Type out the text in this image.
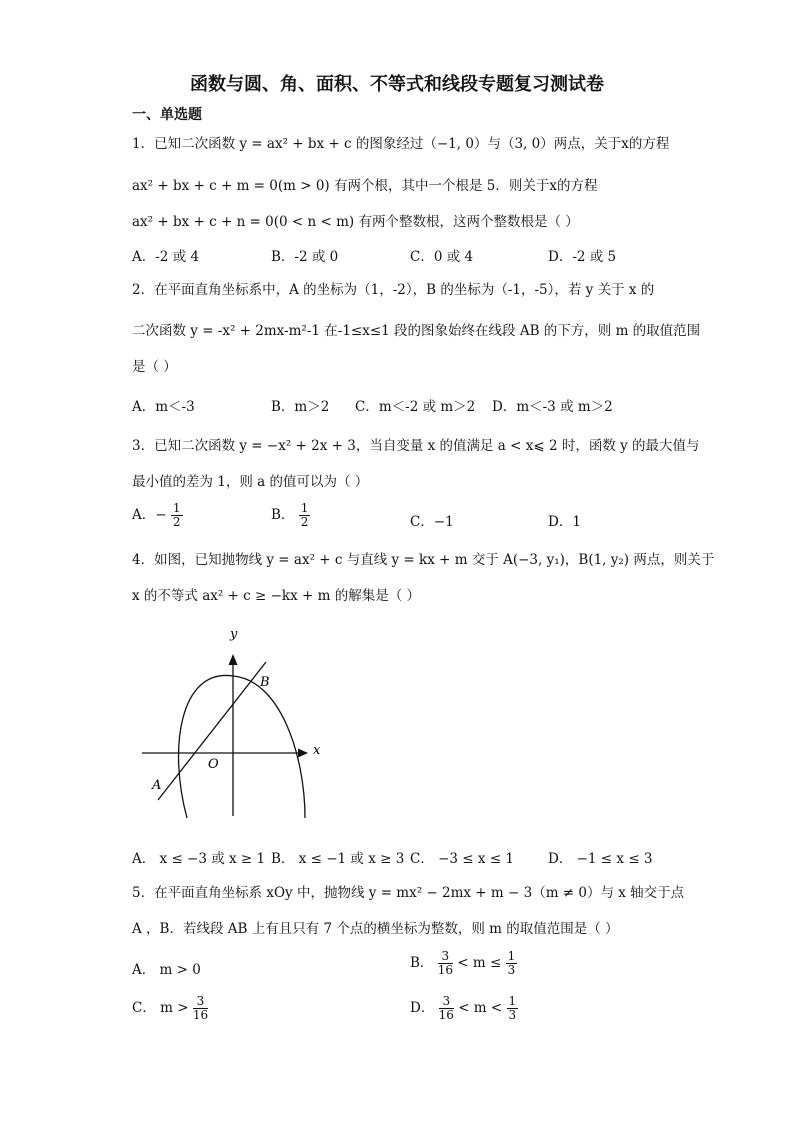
函数与圆、角、面积、不等式和线段专题复习测试卷
一、单选题
1．已知二次函数 y = ax² + bx + c 的图象经过（−1, 0）与（3, 0）两点，关于x的方程
ax² + bx + c + m = 0(m > 0) 有两个根，其中一个根是 5．则关于x的方程
ax² + bx + c + n = 0(0 < n < m) 有两个整数根，这两个整数根是（ ）
A．-2 或 4	B．-2 或 0	C．0 或 4	D．-2 或 5
2．在平面直角坐标系中，A 的坐标为（1，-2），B 的坐标为（-1，-5），若 y 关于 x 的
二次函数 y = -x² + 2mx-m²-1 在-1≤x≤1 段的图象始终在线段 AB 的下方，则 m 的取值范围
是（ ）
A．m＜-3	B．m＞2 C．m＜-2 或 m＞2 D．m＜-3 或 m＞2
3．已知二次函数 y = −x² + 2x + 3，当自变量 x 的值满足 a < x⩽ 2 时，函数 y 的最大值与
最小值的差为 1，则 a 的值可以为（ ）
A．− $\frac{1}{2}$	B． $\frac{1}{2}$	C．−1	D．1
4．如图，已知抛物线 y = ax² + c 与直线 y = kx + m 交于 A(−3, y₁)，B(1, y₂) 两点，则关于
x 的不等式 ax² + c ≥ −kx + m 的解集是（ ）
y
x
O
A
B
A． x ≤ −3 或 x ≥ 1 B． x ≤ −1 或 x ≥ 3 C． −3 ≤ x ≤ 1	D． −1 ≤ x ≤ 3
5．在平面直角坐标系 xOy 中，抛物线 y = mx² − 2mx + m − 3（m ≠ 0）与 x 轴交于点
A ，B．若线段 AB 上有且只有 7 个点的横坐标为整数，则 m 的取值范围是（ ）
A． m > 0	B． $\frac{3}{16} < m \le \frac{1}{3}$
C． $m > \frac{3}{16}$	D． $\frac{3}{16} < m < \frac{1}{3}$
